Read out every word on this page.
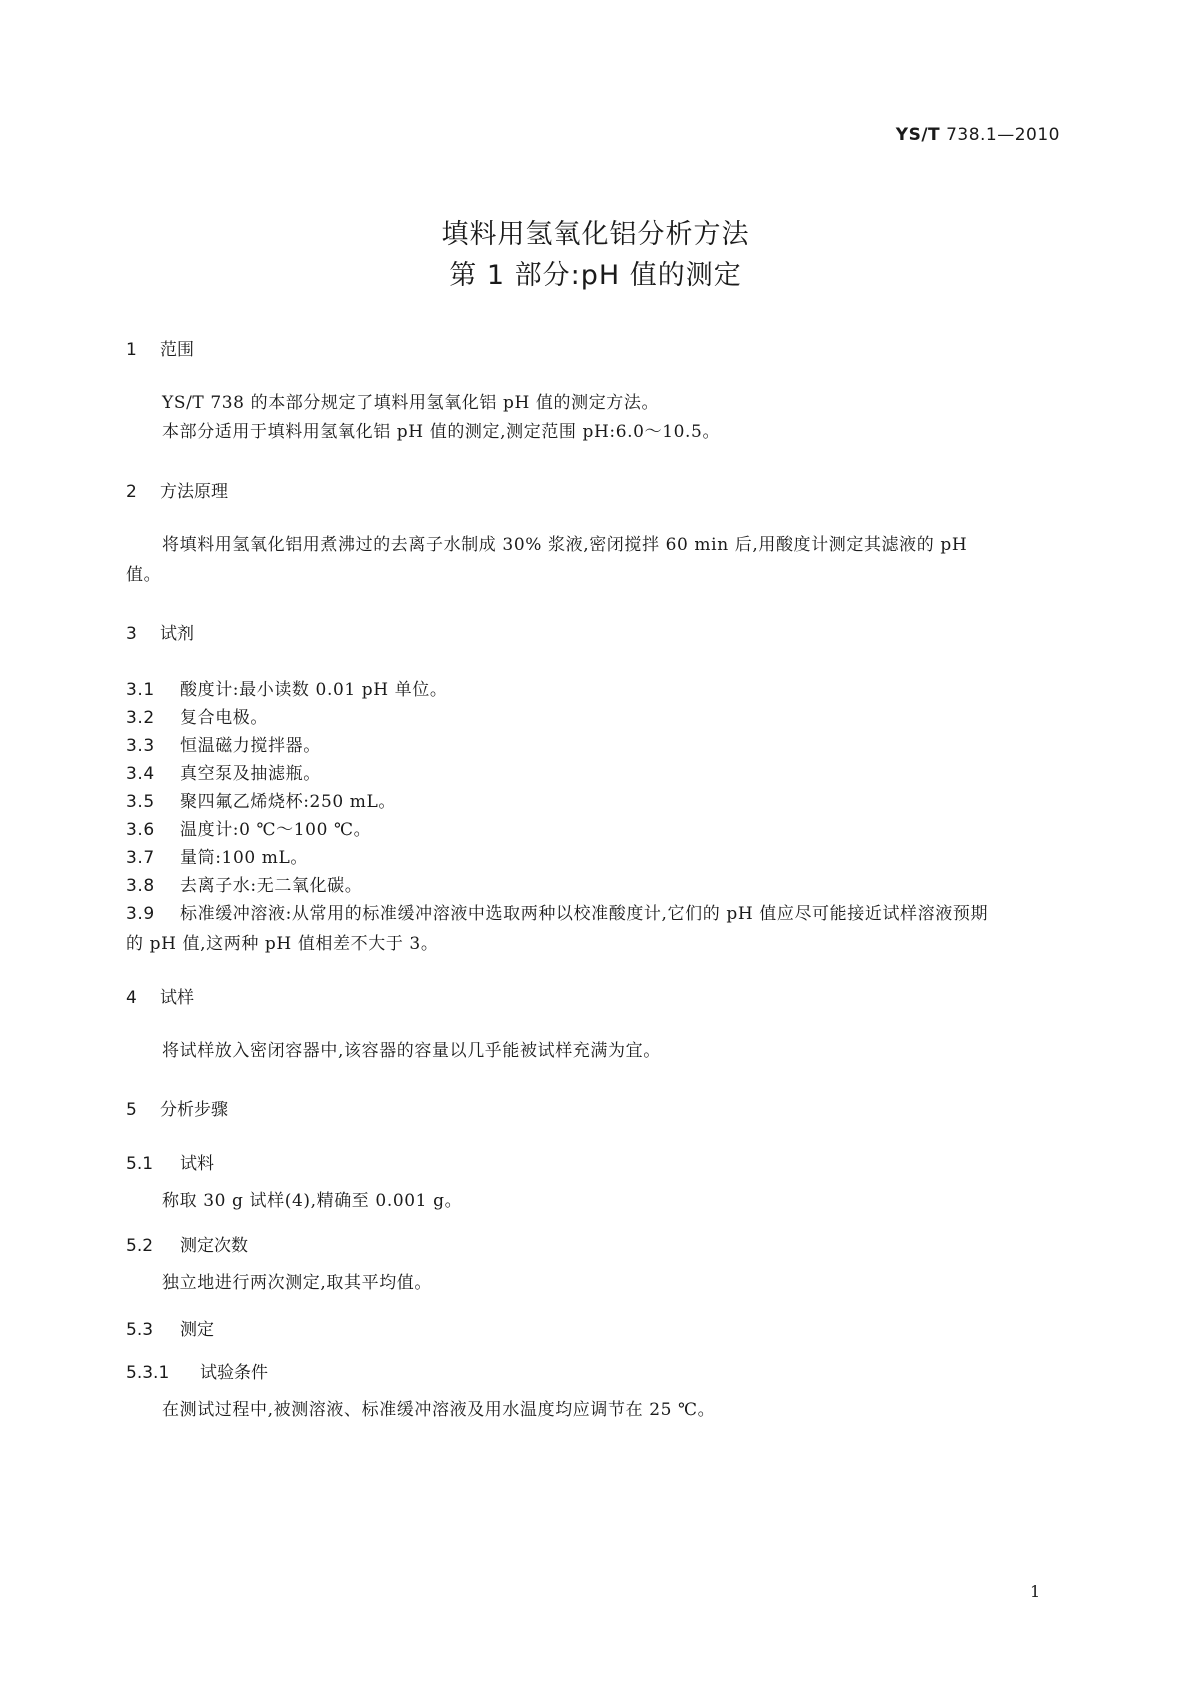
YS/T 738.1—2010
填料用氢氧化铝分析方法
第 1 部分:pH 值的测定
1 范围
YS/T 738 的本部分规定了填料用氢氧化铝 pH 值的测定方法。
本部分适用于填料用氢氧化铝 pH 值的测定,测定范围 pH:6.0～10.5。
2 方法原理
将填料用氢氧化铝用煮沸过的去离子水制成 30% 浆液,密闭搅拌 60 min 后,用酸度计测定其滤液的 pH 值。
3 试剂
3.1 酸度计:最小读数 0.01 pH 单位。
3.2 复合电极。
3.3 恒温磁力搅拌器。
3.4 真空泵及抽滤瓶。
3.5 聚四氟乙烯烧杯:250 mL。
3.6 温度计:0 ℃～100 ℃。
3.7 量筒:100 mL。
3.8 去离子水:无二氧化碳。
3.9 标准缓冲溶液:从常用的标准缓冲溶液中选取两种以校准酸度计,它们的 pH 值应尽可能接近试样溶液预期的 pH 值,这两种 pH 值相差不大于 3。
4 试样
将试样放入密闭容器中,该容器的容量以几乎能被试样充满为宜。
5 分析步骤
5.1 试料
称取 30 g 试样(4),精确至 0.001 g。
5.2 测定次数
独立地进行两次测定,取其平均值。
5.3 测定
5.3.1 试验条件
在测试过程中,被测溶液、标准缓冲溶液及用水温度均应调节在 25 ℃。
1
